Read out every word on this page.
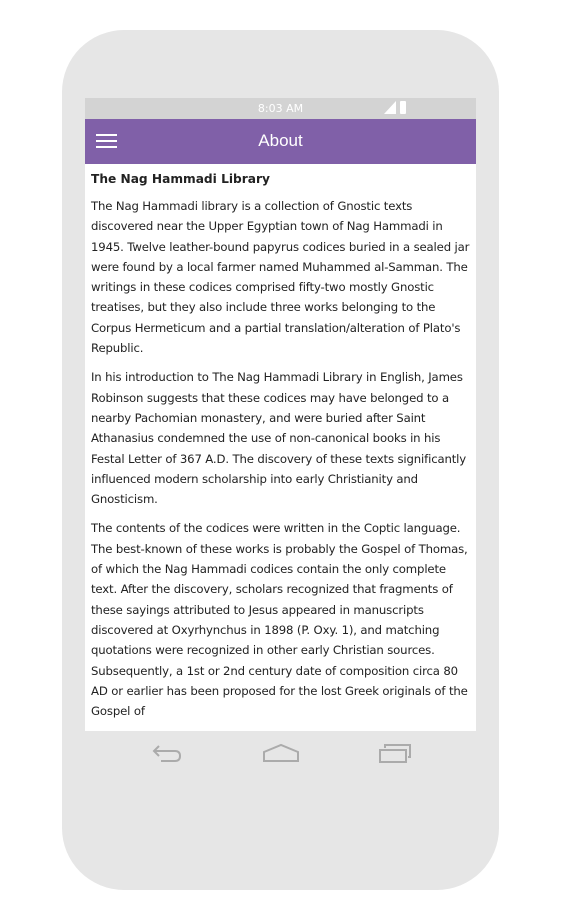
8:03 AM
About
The Nag Hammadi Library

The Nag Hammadi library is a collection of Gnostic texts discovered near the Upper Egyptian town of Nag Hammadi in 1945. Twelve leather-bound papyrus codices buried in a sealed jar were found by a local farmer named Muhammed al-Samman. The writings in these codices comprised fifty-two mostly Gnostic treatises, but they also include three works belonging to the Corpus Hermeticum and a partial translation/alteration of Plato's Republic.

In his introduction to The Nag Hammadi Library in English, James Robinson suggests that these codices may have belonged to a nearby Pachomian monastery, and were buried after Saint Athanasius condemned the use of non-canonical books in his Festal Letter of 367 A.D. The discovery of these texts significantly influenced modern scholarship into early Christianity and Gnosticism.

The contents of the codices were written in the Coptic language. The best-known of these works is probably the Gospel of Thomas, of which the Nag Hammadi codices contain the only complete text. After the discovery, scholars recognized that fragments of these sayings attributed to Jesus appeared in manuscripts discovered at Oxyrhynchus in 1898 (P. Oxy. 1), and matching quotations were recognized in other early Christian sources. Subsequently, a 1st or 2nd century date of composition circa 80 AD or earlier has been proposed for the lost Greek originals of the Gospel of
